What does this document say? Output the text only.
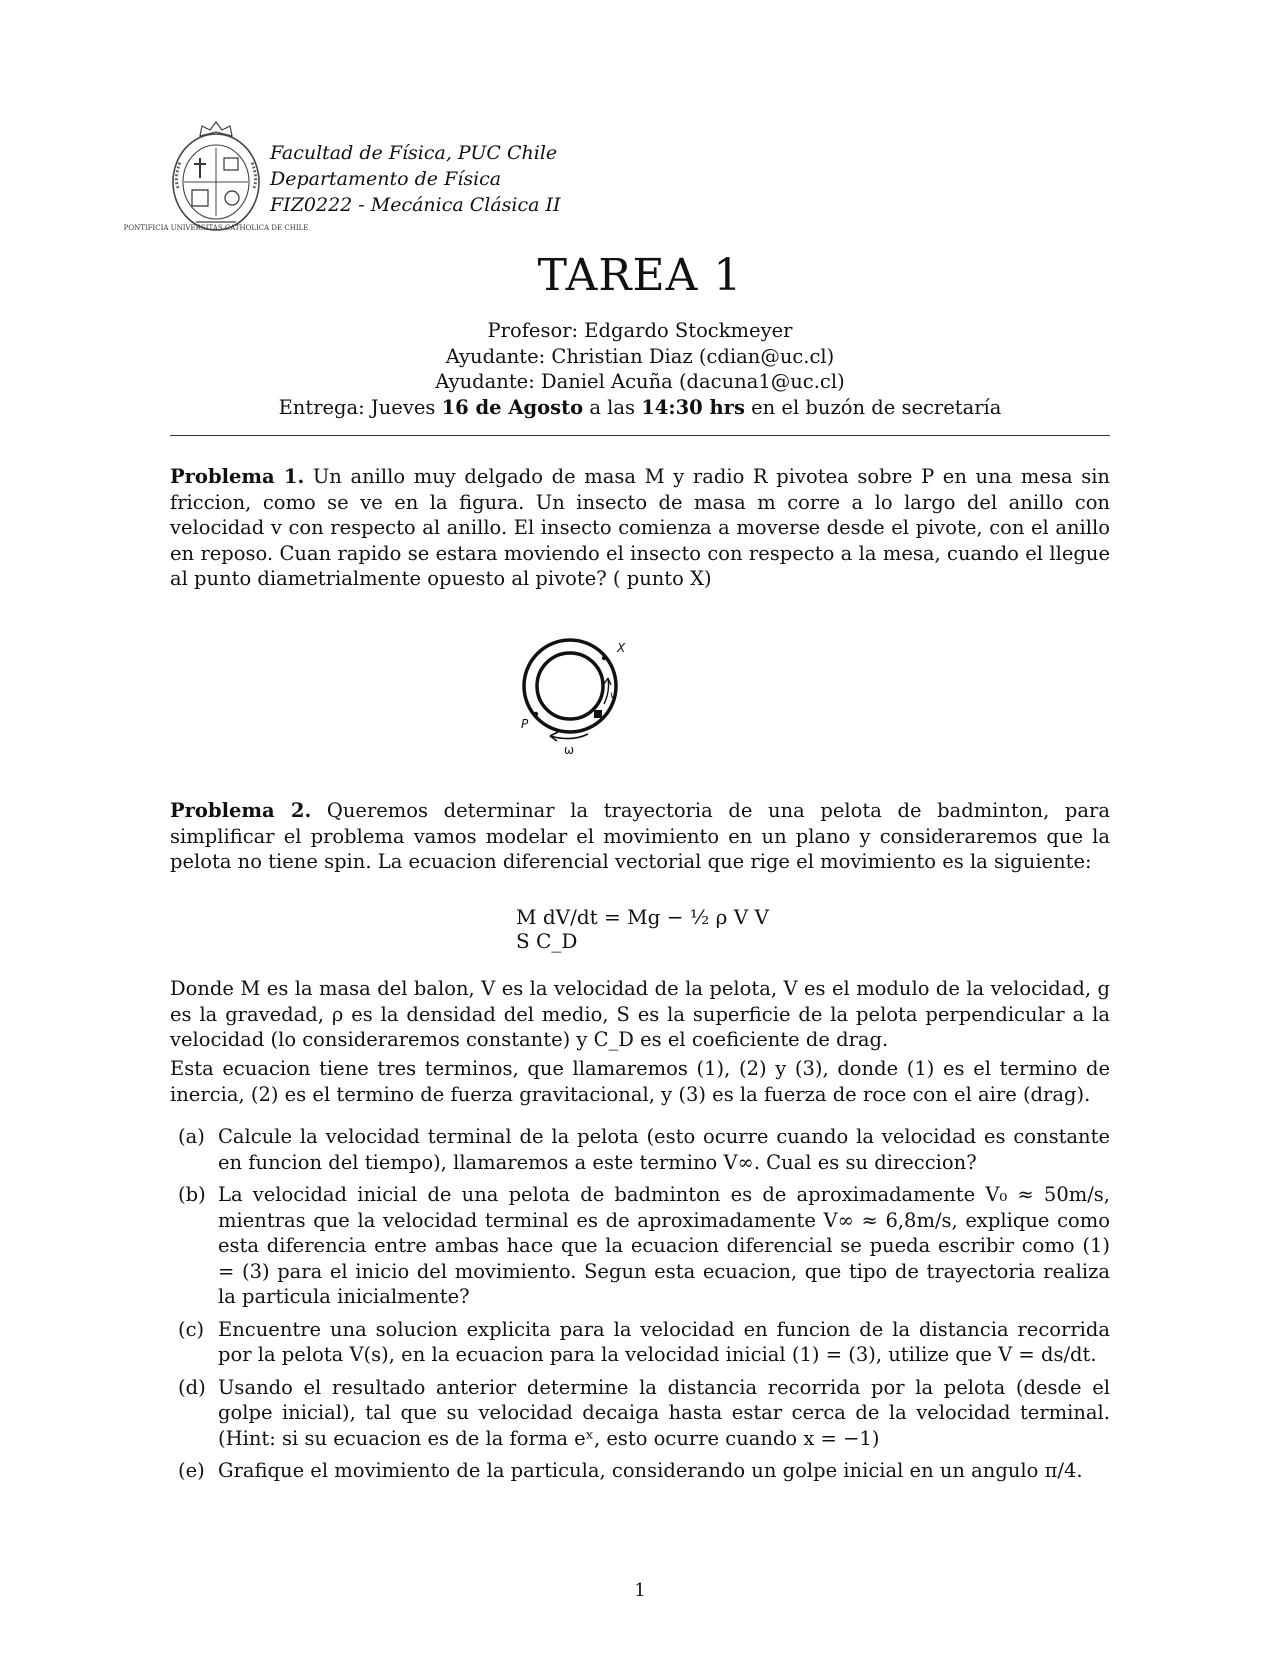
PONTIFICIA UNIVERSITAS CATHOLICA DE CHILE
Facultad de Física, PUC Chile
Departamento de Física
FIZ0222 - Mecánica Clásica II
TAREA 1
Profesor: Edgardo Stockmeyer
Ayudante: Christian Diaz (cdian@uc.cl)
Ayudante: Daniel Acuña (dacuna1@uc.cl)
Entrega: Jueves 16 de Agosto a las 14:30 hrs en el buzón de secretaría
Problema 1. Un anillo muy delgado de masa M y radio R pivotea sobre P en una mesa sin friccion, como se ve en la figura. Un insecto de masa m corre a lo largo del anillo con velocidad v con respecto al anillo. El insecto comienza a moverse desde el pivote, con el anillo en reposo. Cuan rapido se estara moviendo el insecto con respecto a la mesa, cuando el llegue al punto diametrialmente opuesto al pivote? ( punto X)
X
P
v
ω
Problema 2. Queremos determinar la trayectoria de una pelota de badminton, para simplificar el problema vamos modelar el movimiento en un plano y consideraremos que la pelota no tiene spin. La ecuacion diferencial vectorial que rige el movimiento es la siguiente:
M dV/dt = Mg − ½ ρ V V S C_D
Donde M es la masa del balon, V es la velocidad de la pelota, V es el modulo de la velocidad, g es la gravedad, ρ es la densidad del medio, S es la superficie de la pelota perpendicular a la velocidad (lo consideraremos constante) y C_D es el coeficiente de drag.
Esta ecuacion tiene tres terminos, que llamaremos (1), (2) y (3), donde (1) es el termino de inercia, (2) es el termino de fuerza gravitacional, y (3) es la fuerza de roce con el aire (drag).
(a) Calcule la velocidad terminal de la pelota (esto ocurre cuando la velocidad es constante en funcion del tiempo), llamaremos a este termino V∞. Cual es su direccion?
(b) La velocidad inicial de una pelota de badminton es de aproximadamente V₀ ≈ 50m/s, mientras que la velocidad terminal es de aproximadamente V∞ ≈ 6,8m/s, explique como esta diferencia entre ambas hace que la ecuacion diferencial se pueda escribir como (1) = (3) para el inicio del movimiento. Segun esta ecuacion, que tipo de trayectoria realiza la particula inicialmente?
(c) Encuentre una solucion explicita para la velocidad en funcion de la distancia recorrida por la pelota V(s), en la ecuacion para la velocidad inicial (1) = (3), utilize que V = ds/dt.
(d) Usando el resultado anterior determine la distancia recorrida por la pelota (desde el golpe inicial), tal que su velocidad decaiga hasta estar cerca de la velocidad terminal. (Hint: si su ecuacion es de la forma eˣ, esto ocurre cuando x = −1)
(e) Grafique el movimiento de la particula, considerando un golpe inicial en un angulo π/4.
1
